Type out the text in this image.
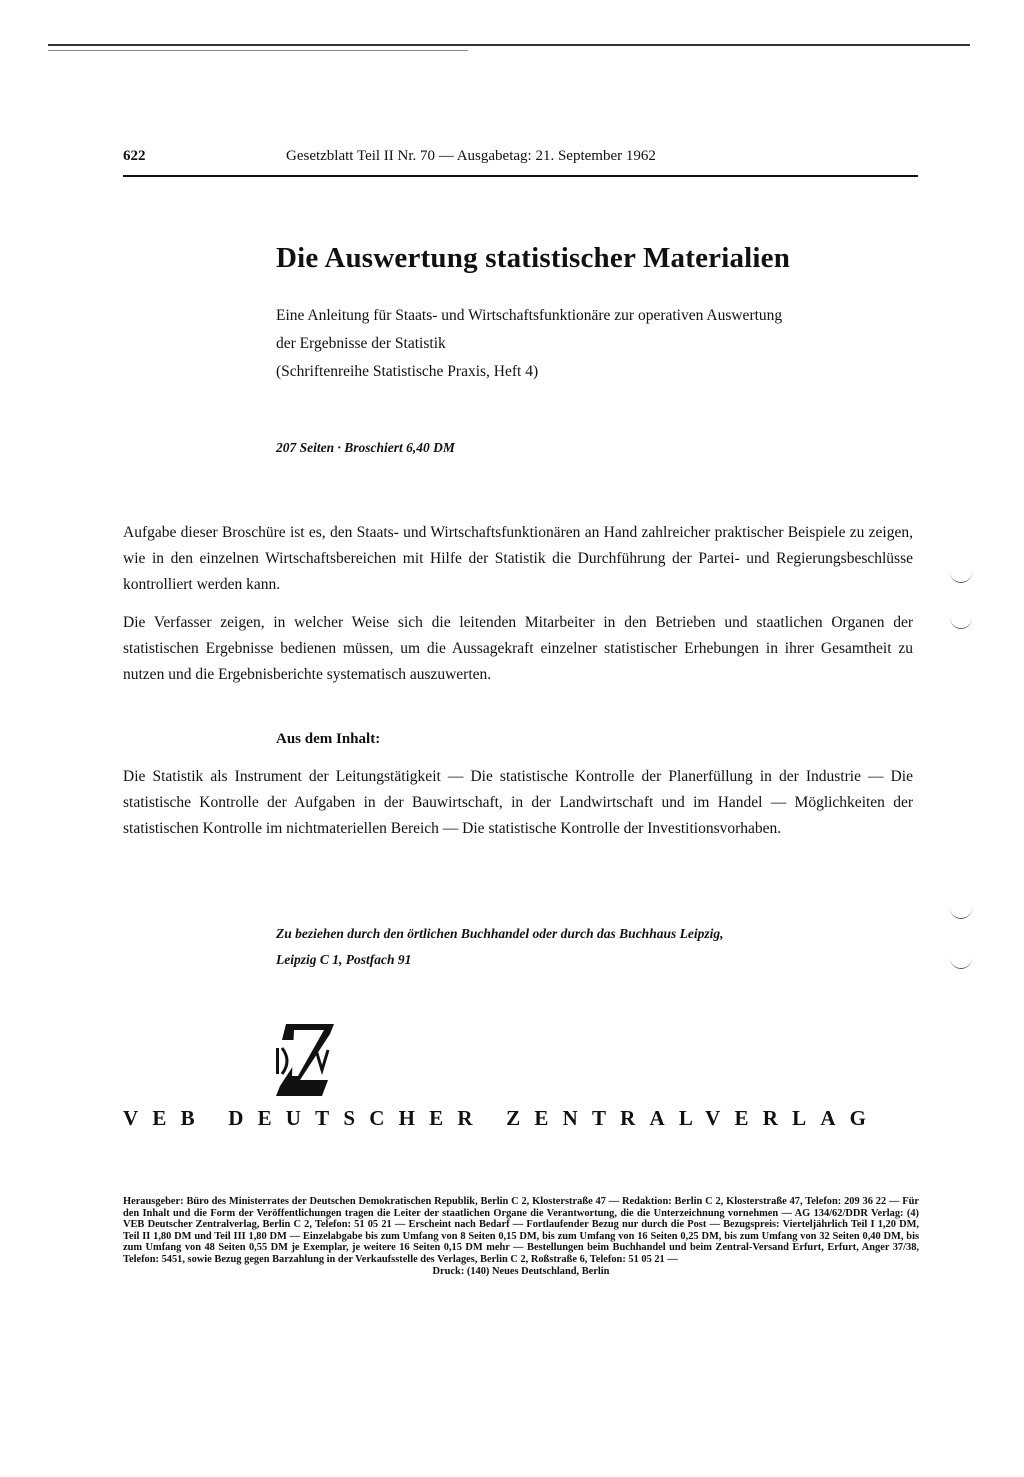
622	Gesetzblatt Teil II Nr. 70 — Ausgabetag: 21. September 1962
Die Auswertung statistischer Materialien
Eine Anleitung für Staats- und Wirtschaftsfunktionäre zur operativen Auswertung
der Ergebnisse der Statistik
(Schriftenreihe Statistische Praxis, Heft 4)
207 Seiten · Broschiert 6,40 DM
Aufgabe dieser Broschüre ist es, den Staats- und Wirtschaftsfunktionären an Hand zahlreicher praktischer Beispiele zu zeigen, wie in den einzelnen Wirtschaftsbereichen mit Hilfe der Statistik die Durchführung der Partei- und Regierungsbeschlüsse kontrolliert werden kann.
Die Verfasser zeigen, in welcher Weise sich die leitenden Mitarbeiter in den Betrieben und staatlichen Organen der statistischen Ergebnisse bedienen müssen, um die Aussagekraft einzelner statistischer Erhebungen in ihrer Gesamtheit zu nutzen und die Ergebnisberichte systematisch auszuwerten.
Aus dem Inhalt:
Die Statistik als Instrument der Leitungstätigkeit — Die statistische Kontrolle der Planerfüllung in der Industrie — Die statistische Kontrolle der Aufgaben in der Bauwirtschaft, in der Landwirtschaft und im Handel — Möglichkeiten der statistischen Kontrolle im nichtmateriellen Bereich — Die statistische Kontrolle der Investitionsvorhaben.
Zu beziehen durch den örtlichen Buchhandel oder durch das Buchhaus Leipzig,
Leipzig C 1, Postfach 91
VEB DEUTSCHER ZENTRALVERLAG
Herausgeber: Büro des Ministerrates der Deutschen Demokratischen Republik, Berlin C 2, Klosterstraße 47 — Redaktion: Berlin C 2, Klosterstraße 47, Telefon: 209 36 22 — Für den Inhalt und die Form der Veröffentlichungen tragen die Leiter der staatlichen Organe die Verantwortung, die die Unterzeichnung vornehmen — AG 134/62/DDR Verlag: (4) VEB Deutscher Zentralverlag, Berlin C 2, Telefon: 51 05 21 — Erscheint nach Bedarf — Fortlaufender Bezug nur durch die Post — Bezugspreis: Vierteljährlich Teil I 1,20 DM, Teil II 1,80 DM und Teil III 1,80 DM — Einzelabgabe bis zum Umfang von 8 Seiten 0,15 DM, bis zum Umfang von 16 Seiten 0,25 DM, bis zum Umfang von 32 Seiten 0,40 DM, bis zum Umfang von 48 Seiten 0,55 DM je Exemplar, je weitere 16 Seiten 0,15 DM mehr — Bestellungen beim Buchhandel und beim Zentral-Versand Erfurt, Erfurt, Anger 37/38, Telefon: 5451, sowie Bezug gegen Barzahlung in der Verkaufsstelle des Verlages, Berlin C 2, Roßstraße 6, Telefon: 51 05 21 —
Druck: (140) Neues Deutschland, Berlin
